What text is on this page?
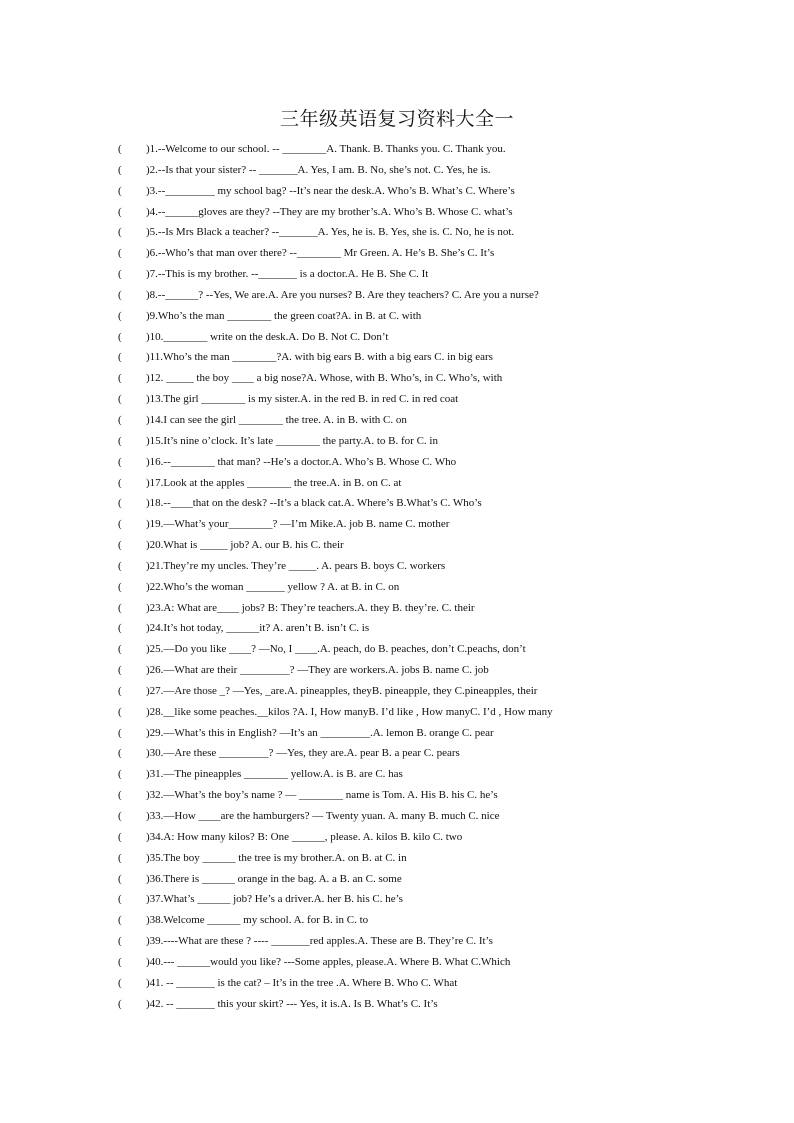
三年级英语复习资料大全一
( )1.--Welcome to our school. -- ________A. Thank. B. Thanks you. C. Thank you.
( )2.--Is that your sister? -- _______A. Yes, I am. B. No, she’s not. C. Yes, he is.
( )3.--_________ my school bag? --It’s near the desk.A. Who’s B. What’s C. Where’s
( )4.--______gloves are they? --They are my brother’s.A. Who’s B. Whose C. what’s
( )5.--Is Mrs Black a teacher? --_______A. Yes, he is. B. Yes, she is. C. No, he is not.
( )6.--Who’s that man over there? --________ Mr Green. A. He’s B. She’s C. It’s
( )7.--This is my brother. --_______ is a doctor.A. He B. She C. It
( )8.--______? --Yes, We are.A. Are you nurses? B. Are they teachers? C. Are you a nurse?
( )9.Who’s the man ________ the green coat?A. in B. at C. with
( )10.________ write on the desk.A. Do B. Not C. Don’t
( )11.Who’s the man ________?A. with big ears B. with a big ears C. in big ears
( )12. _____ the boy ____ a big nose?A. Whose, with B. Who’s, in C. Who’s, with
( )13.The girl ________ is my sister.A. in the red B. in red C. in red coat
( )14.I can see the girl ________ the tree. A. in B. with C. on
( )15.It’s nine o’clock. It’s late ________ the party.A. to B. for C. in
( )16.--________ that man? --He’s a doctor.A. Who’s B. Whose C. Who
( )17.Look at the apples ________ the tree.A. in B. on C. at
( )18.--____that on the desk? --It’s a black cat.A. Where’s B.What’s C. Who’s
( )19.—What’s your________? —I’m Mike.A. job B. name C. mother
( )20.What is _____ job? A. our B. his C. their
( )21.They’re my uncles. They’re _____. A. pears B. boys C. workers
( )22.Who’s the woman _______ yellow ? A. at B. in C. on
( )23.A: What are____ jobs? B: They’re teachers.A. they B. they’re. C. their
( )24.It’s hot today, ______it? A. aren’t B. isn’t C. is
( )25.—Do you like ____? —No, I ____.A. peach, do B. peaches, don’t C.peachs, don’t
( )26.—What are their _________? —They are workers.A. jobs B. name C. job
( )27.—Are those _? —Yes, _are.A. pineapples, theyB. pineapple, they C.pineapples, their
( )28.__like some peaches.__kilos ?A. I, How manyB. I’d like , How manyC. I’d , How many
( )29.—What’s this in English? —It’s an _________.A. lemon B. orange C. pear
( )30.—Are these _________? —Yes, they are.A. pear B. a pear C. pears
( )31.—The pineapples ________ yellow.A. is B. are C. has
( )32.—What’s the boy’s name ? — ________ name is Tom. A. His B. his C. he’s
( )33.—How ____are the hamburgers? — Twenty yuan. A. many B. much C. nice
( )34.A: How many kilos? B: One ______, please. A. kilos B. kilo C. two
( )35.The boy ______ the tree is my brother.A. on B. at C. in
( )36.There is ______ orange in the bag. A. a B. an C. some
( )37.What’s ______ job? He’s a driver.A. her B. his C. he’s
( )38.Welcome ______ my school. A. for B. in C. to
( )39.----What are these ? ---- _______red apples.A. These are B. They’re C. It’s
( )40.--- ______would you like? ---Some apples, please.A. Where B. What C.Which
( )41. -- _______ is the cat? – It’s in the tree .A. Where B. Who C. What
( )42. -- _______ this your skirt? --- Yes, it is.A. Is B. What’s C. It’s
